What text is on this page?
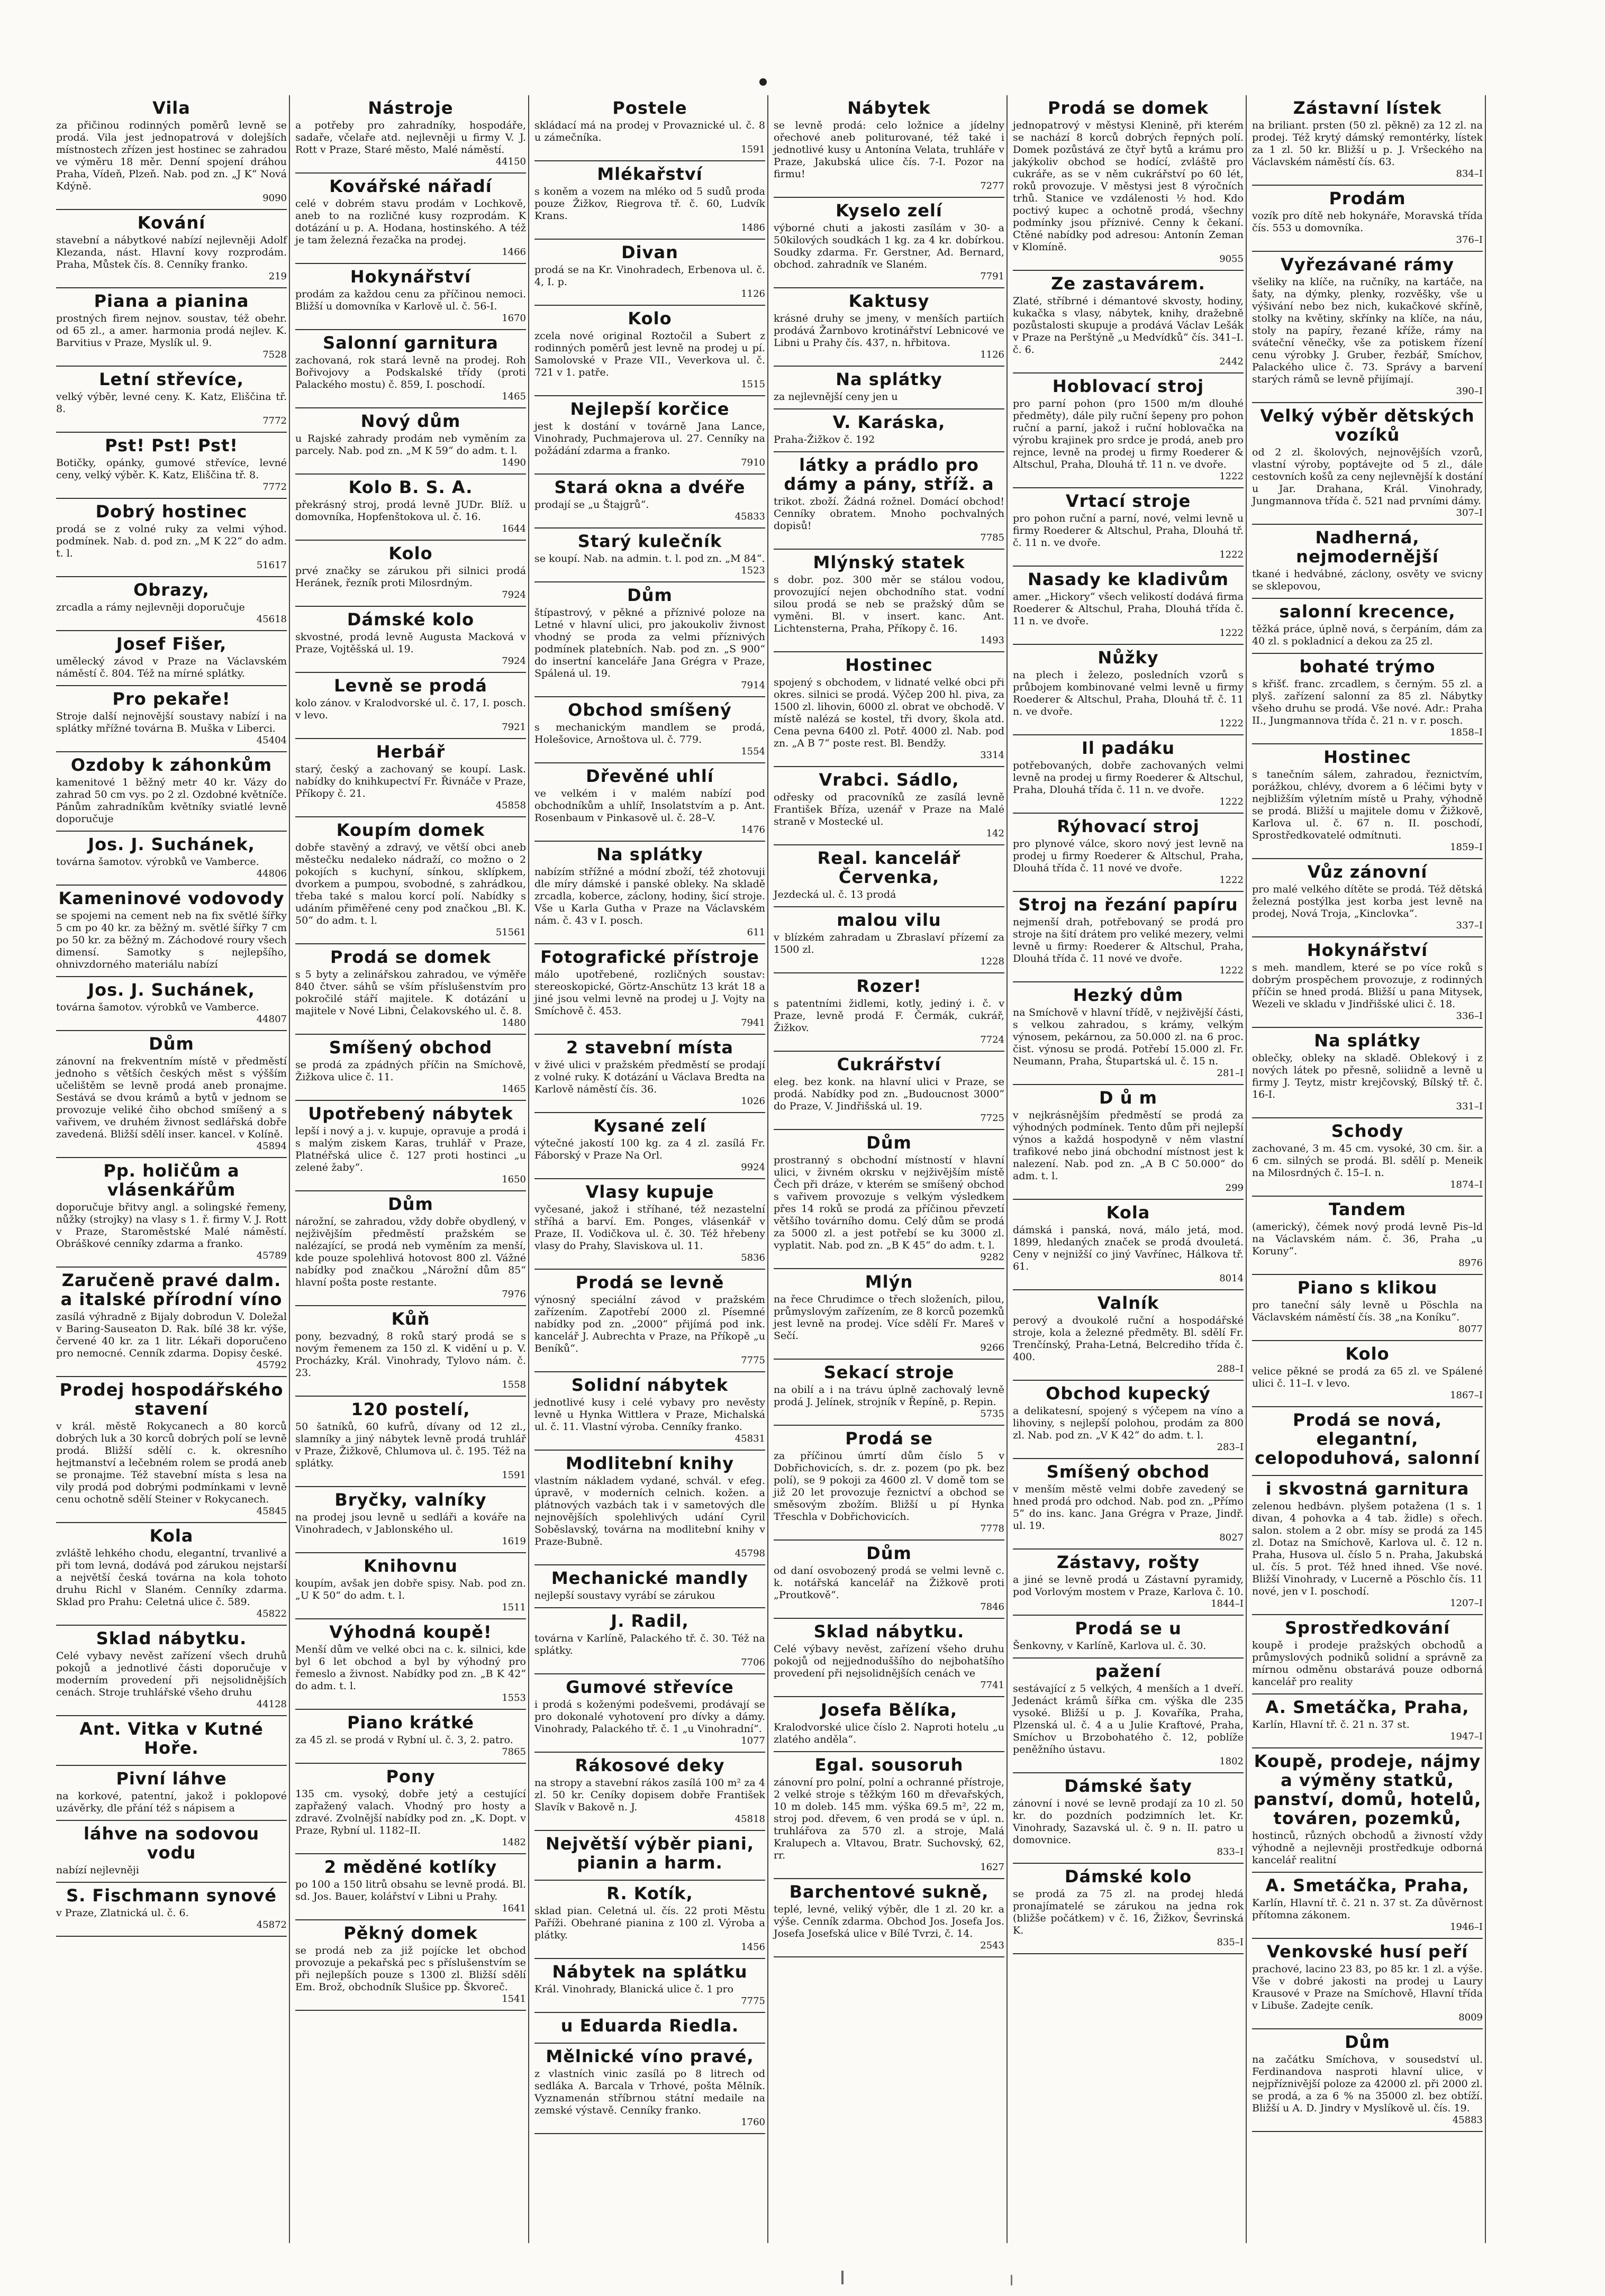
Vila

za přičinou rodinných poměrů levně se prodá. Vila jest jednopatrová v dolejších místnostech zřízen jest hostinec se zahradou ve výměru 18 měr. Denní spojení dráhou Praha, Vídeň, Plzeň. Nab. pod zn. „J K“ Nová Kdýně.

9090
Kování

stavební a nábytkové nabízí nejlevněji Adolf Klezanda, nást. Hlavní kovy rozprodám. Praha, Můstek čís. 8. Cenníky franko.

219
Piana a pianina

prostných firem nejnov. soustav, též obehr. od 65 zl., a amer. harmonia prodá nejlev. K. Barvitius v Praze, Myslík ul. 9.

7528
Letní střevíce,

velký výběr, levné ceny. K. Katz, Eliščina tř. 8.

7772
Pst! Pst! Pst!

Botičky, opánky, gumové střevíce, levné ceny, velký výběr. K. Katz, Eliščina tř. 8.

7772
Dobrý hostinec

prodá se z volné ruky za velmi výhod. podmínek. Nab. d. pod zn. „M K 22“ do adm. t. l.

51617
Obrazy,

zrcadla a rámy nejlevněji doporučuje

45618
Josef Fišer,

umělecký závod v Praze na Václavském náměstí č. 804. Též na mírné splátky.

Pro pekaře!

Stroje další nejnovější soustavy nabízí i na splátky mřížné továrna B. Muška v Liberci.

45404
Ozdoby k záhonkům

kamenitové 1 běžný metr 40 kr. Vázy do zahrad 50 cm vys. po 2 zl. Ozdobné květníče. Pánům zahradníkům květníky sviatlé levně doporučuje

Jos. J. Suchánek,

továrna šamotov. výrobků ve Vamberce.

44806
Kameninové vodovody

se spojemi na cement neb na fix světlé šířky 5 cm po 40 kr. za běžný m. světlé šířky 7 cm po 50 kr. za běžný m. Záchodové roury všech dimensí. Samotky s nejlepšího, ohnivzdorného materiálu nabízí

Jos. J. Suchánek,

továrna šamotov. výrobků ve Vamberce.

44807
Dům

zánovní na frekventním místě v předměstí jednoho s větších českých měst s výšším učelištěm se levně prodá aneb pronajme. Sestává se dvou krámů a bytů v jednom se provozuje veliké čiho obchod smíšený a s vařivem, ve druhém živnost sedlářská dobře zavedená. Bližší sdělí inser. kancel. v Kolíně.

45894
Pp. holičům a vlásenkářům

doporučuje břitvy angl. a solingské řemeny, nůžky (strojky) na vlasy s 1. ř. firmy V. J. Rott v Praze, Staroměstské Malé náměstí. Obráškové cenníky zdarma a franko.

45789
Zaručeně pravé dalm. a italské přírodní víno

zasílá výhradně z Bijaly dobrodun V. Doležal v Baring-Sauseaton D. Rak. bílé 38 kr. výše, červené 40 kr. za 1 litr. Lékaři doporučeno pro nemocné. Cenník zdarma. Dopisy české.

45792
Prodej hospodářského stavení

v král. městě Rokycanech a 80 korců dobrých luk a 30 korců dobrých polí se levně prodá. Bližší sdělí c. k. okresního hejtmanství a lečebném rolem se prodá aneb se pronajme. Též stavební místa s lesa na vily prodá pod dobrými podmínkami v levně cenu ochotně sdělí Steiner v Rokycanech.

45845
Kola

zvláště lehkého chodu, elegantní, trvanlivé a při tom levná, dodává pod zárukou nejstarší a největší česká továrna na kola tohoto druhu Richl v Slaném. Cenníky zdarma. Sklad pro Prahu: Celetná ulice č. 589.

45822
Sklad nábytku.

Celé vybavy nevěst zařízení všech druhů pokojů a jednotlivé části doporučuje v moderním provedení při nejsolidnějších cenách. Stroje truhlářské všeho druhu

44128
Ant. Vitka v Kutné Hoře.

Pivní láhve

na korkové, patentní, jakož i poklopové uzávěrky, dle přání též s nápisem a

láhve na sodovou vodu

nabízí nejlevněji

S. Fischmann synové

v Praze, Zlatnická ul. č. 6.

45872
Nástroje

a potřeby pro zahradníky, hospodáře, sadaře, včelaře atd. nejlevněji u firmy V. J. Rott v Praze, Staré město, Malé náměstí.

44150
Kovářské nářadí

celé v dobrém stavu prodám v Lochkově, aneb to na rozličné kusy rozprodám. K dotázání u p. A. Hodana, hostinského. A též je tam železná řezačka na prodej.

1466
Hokynářství

prodám za každou cenu za příčinou nemoci. Bližší u domovníka v Karlově ul. č. 56-I.

1670
Salonní garnitura

zachovaná, rok stará levně na prodej. Roh Bořivojovy a Podskalské třídy (proti Palackého mostu) č. 859, I. poschodí.

1465
Nový dům

u Rajské zahrady prodám neb vyměním za parcely. Nab. pod zn. „M K 59“ do adm. t. l.

1490
Kolo B. S. A.

překrásný stroj, prodá levně JUDr. Blíž. u domovníka, Hopfenštokova ul. č. 16.

1644
Kolo

prvé značky se zárukou při silnici prodá Heránek, řezník proti Milosrdným.

7924
Dámské kolo

skvostné, prodá levně Augusta Macková v Praze, Vojtěšská ul. 19.

7924
Levně se prodá

kolo zánov. v Kralodvorské ul. č. 17, I. posch. v levo.

7921
Herbář

starý, český a zachovaný se koupí. Lask. nabídky do knihkupectví Fr. Řivnáče v Praze, Příkopy č. 21.

45858
Koupím domek

dobře stavěný a zdravý, ve větší obci aneb městečku nedaleko nádraží, co možno o 2 pokojích s kuchyní, sínkou, sklípkem, dvorkem a pumpou, svobodné, s zahrádkou, třeba také s malou korcí polí. Nabídky s udáním přiměřené ceny pod značkou „Bl. K. 50“ do adm. t. l.

51561
Prodá se domek

s 5 byty a zelinářskou zahradou, ve výměře 840 čtver. sáhů se vším příslušenstvím pro pokročilé stáří majitele. K dotázání u majitele v Nové Libni, Čelakovského ul. č. 8.

1480
Smíšený obchod

se prodá za zpádných příčin na Smíchově, Žižkova ulice č. 11.

1465
Upotřebený nábytek

lepší i nový a j. v. kupuje, opravuje a prodá i s malým ziskem Karas, truhlář v Praze, Platnéřská ulice č. 127 proti hostinci „u zelené žaby“.

1650
Dům

nárožní, se zahradou, vždy dobře obydlený, v nejživějším předměstí pražském se nalézající, se prodá neb vyměním za menší, kde pouze spolehlivá hotovost 800 zl. Vážné nabídky pod značkou „Nárožní dům 85“ hlavní pošta poste restante.

7976
Kůň

pony, bezvadný, 8 roků starý prodá se s novým řemenem za 150 zl. K vidění u p. V. Procházky, Král. Vinohrady, Tylovo nám. č. 23.

1558
120 postelí,

50 šatníků, 60 kufrů, dívany od 12 zl., slamníky a jiný nábytek levně prodá truhlář v Praze, Žižkově, Chlumova ul. č. 195. Též na splátky.

1591
Bryčky, valníky

na prodej jsou levně u sedláři a kováře na Vinohradech, v Jablonského ul.

1619
Knihovnu

koupím, avšak jen dobře spisy. Nab. pod zn. „U K 50“ do adm. t. l.

1511
Výhodná koupě!

Menší dům ve velké obci na c. k. silnici, kde byl 6 let obchod a byl by výhodný pro řemeslo a živnost. Nabídky pod zn. „B K 42“ do adm. t. l.

1553
Piano krátké

za 45 zl. se prodá v Rybní ul. č. 3, 2. patro.

7865
Pony

135 cm. vysoký, dobře jetý a cestující zapřažený valach. Vhodný pro hosty a zdravé. Zvolnější nabídky pod zn. „K. Dopt. v Praze, Rybní ul. 1182–II.

1482
2 měděné kotlíky

po 100 a 150 litrů obsahu se levně prodá. Bl. sd. Jos. Bauer, kolářství v Libni u Prahy.

1641
Pěkný domek

se prodá neb za již pojícke let obchod provozuje a pekařská pec s příslušenstvím se při nejlepších pouze s 1300 zl. Bližší sdělí Em. Brož, obchodník Slušice pp. Škvoreč.

1541
Postele

skládací má na prodej v Provaznické ul. č. 8 u zámečníka.

1591
Mlékařství

s koněm a vozem na mléko od 5 sudů proda pouze Žižkov, Riegrova tř. č. 60, Ludvík Krans.

1486
Divan

prodá se na Kr. Vinohradech, Erbenova ul. č. 4, I. p.

1126
Kolo

zcela nové original Roztočil a Subert z rodinných poměrů jest levně na prodej u pí. Samolovské v Praze VII., Veverkova ul. č. 721 v 1. patře.

1515
Nejlepší korčice

jest k dostání v továrně Jana Lance, Vinohrady, Puchmajerova ul. 27. Cenníky na požádání zdarma a franko.

7910
Stará okna a dvéře

prodají se „u Štajgrů“.

45833
Starý kulečník

se koupí. Nab. na admin. t. l. pod zn. „M 84“.

1523
Dům

štípastrový, v pěkné a příznivé poloze na Letné v hlavní ulici, pro jakoukoliv živnost vhodný se proda za velmi příznivých podmínek platebních. Nab. pod zn. „S 900“ do insertní kanceláře Jana Grégra v Praze, Spálená ul. 19.

7914
Obchod smíšený

s mechanickým mandlem se prodá, Holešovice, Arnoštova ul. č. 779.

1554
Dřevěné uhlí

ve velkém i v malém nabízí pod obchodníkům a uhlíř, Insolatstvím a p. Ant. Rosenbaum v Pinkasově ul. č. 28–V.

1476
Na splátky

nabízím střížné a módní zboží, též zhotovuji dle míry dámské i panské obleky. Na skladě zrcadla, koberce, záclony, hodiny, šicí stroje. Vše u Karla Gutha v Praze na Václavském nám. č. 43 v I. posch.

611
Fotografické přístroje

málo upotřebené, rozličných soustav: stereoskopické, Görtz-Anschütz 13 krát 18 a jiné jsou velmi levně na prodej u J. Vojty na Smíchově č. 453.

7941
2 stavební místa

v živé ulici v pražském předměstí se prodají z volné ruky. K dotázání u Václava Bredta na Karlově náměstí čís. 36.

1026
Kysané zelí

výtečné jakostí 100 kg. za 4 zl. zasílá Fr. Fáborský v Praze Na Orl.

9924
Vlasy kupuje

vyčesané, jakož i stříhané, též nezastelní stříhá a barví. Em. Ponges, vlásenkář v Praze, II. Vodičkova ul. č. 30. Též hřebeny vlasy do Prahy, Slaviskova ul. 11.

5836
Prodá se levně

výnosný speciální závod v pražském zařízením. Zapotřebí 2000 zl. Písemné nabídky pod zn. „2000“ přijímá pod ink. kancelář J. Aubrechta v Praze, na Příkopě „u Beníků“.

7775
Solidní nábytek

jednotlivé kusy i celé vybavy pro nevěsty levně u Hynka Wittlera v Praze, Michalská ul. č. 11. Vlastní výroba. Cenníky franko.

45831
Modlitební knihy

vlastním nákladem vydané, schvál. v efeg. úpravě, v moderních celnich. kožen. a plátnových vazbách tak i v sametových dle nejnovějších spolehlivých udání Cyril Soběslavský, továrna na modlitební knihy v Praze-Bubně.

45798
Mechanické mandly

nejlepší soustavy vyrábí se zárukou

J. Radil,

továrna v Karlíně, Palackého tř. č. 30. Též na splátky.

7706
Gumové střevíce

i prodá s koženými podešvemi, prodávají se pro dokonalé vyhotovení pro dívky a dámy. Vinohrady, Palackého tř. č. 1 „u Vinohradní“.

1077
Rákosové deky

na stropy a stavební rákos zasílá 100 m² za 4 zl. 50 kr. Ceníky dopisem dobře František Slavík v Bakově n. J.

45818
Největší výběr piani, pianin a harm.

R. Kotík,

sklad pian. Celetná ul. čís. 22 proti Městu Paříži. Obehrané pianina z 100 zl. Výroba a plátky.

1456
Nábytek na splátku

Král. Vinohrady, Blanická ulice č. 1 pro

7775
u Eduarda Riedla.

Mělnické víno pravé,

z vlastních vinic zasílá po 8 litrech od sedláka A. Barcala v Trhové, pošta Mělník. Vyznamenán stříbrnou státní medaile na zemské výstavě. Cenníky franko.

1760
Nábytek

se levně prodá: celo ložnice a jídelny ořechové aneb politurované, též také i jednotlivé kusy u Antonína Velata, truhláře v Praze, Jakubská ulice čís. 7-I. Pozor na firmu!

7277
Kyselo zelí

výborné chuti a jakosti zasílám v 30- a 50kilových soudkách 1 kg. za 4 kr. dobírkou. Soudky zdarma. Fr. Gerstner, Ad. Bernard, obchod. zahradník ve Slaném.

7791
Kaktusy

krásné druhy se jmeny, v menších partiích prodává Žarnbovo krotinářství Lebnicové ve Libni u Prahy čís. 437, n. hřbitova.

1126
Na splátky

za nejlevnější ceny jen u

V. Karáska,

Praha-Žižkov č. 192

látky a prádlo pro dámy a pány, stříž. a

trikot. zboží. Žádná rožnel. Domácí obchod! Cenníky obratem. Mnoho pochvalných dopisů!

7785
Mlýnský statek

s dobr. poz. 300 měr se stálou vodou, provozující nejen obchodního stat. vodní silou prodá se neb se pražský dům se vyměni. Bl. v insert. kanc. Ant. Lichtensterna, Praha, Příkopy č. 16.

1493
Hostinec

spojený s obchodem, v lidnaté velké obci při okres. silnici se prodá. Výčep 200 hl. piva, za 1500 zl. lihovin, 6000 zl. obrat ve obchodě. V místě nalézá se kostel, tři dvory, škola atd. Cena pevna 6400 zl. Potř. 4000 zl. Nab. pod zn. „A B 7“ poste rest. Bl. Bendžy.

3314
Vrabci. Sádlo,

odřesky od pracovníků ze zasílá levně František Bříza, uzenář v Praze na Malé straně v Mostecké ul.

142
Real. kancelář Červenka,

Jezdecká ul. č. 13 prodá

malou vilu

v blízkém zahradam u Zbraslaví přízemí za 1500 zl.

1228
Rozer!

s patentními židlemi, kotly, jediný i. č. v Praze, levně prodá F. Čermák, cukrář, Žižkov.

7724
Cukrářství

eleg. bez konk. na hlavní ulici v Praze, se prodá. Nabídky pod zn. „Budoucnost 3000“ do Praze, V. Jindřišská ul. 19.

7725
Dům

prostranný s obchodní místností v hlavní ulici, v živném okrsku v nejživějším místě Čech při dráze, v kterém se smíšený obchod s vařivem provozuje s velkým výsledkem přes 14 roků se prodá za příčinou převzetí většího továrního domu. Celý dům se prodá za 5000 zl. a jest potřebí se ku 3000 zl. vyplatit. Nab. pod zn. „B K 45“ do adm. t. l.

9282
Mlýn

na řece Chrudimce o třech složeních, pilou, průmyslovým zařízením, ze 8 korců pozemků jest levně na prodej. Více sdělí Fr. Mareš v Sečí.

9266
Sekací stroje

na obilí a i na trávu úplně zachovalý levně prodá J. Jelínek, strojník v Řepíně, p. Repin.

5735
Prodá se

za příčinou úmrtí dům číslo 5 v Dobřichovicích, s. dr. z. pozem (po pk. bez polí), se 9 pokoji za 4600 zl. V domě tom se již 20 let provozuje řeznictví a obchod se směsovým zbožím. Bližší u pí Hynka Třeschla v Dobřichovicích.

7778
Dům

od daní osvobozený prodá se velmi levně c. k. notářská kancelář na Žižkově proti „Proutkově“.

7846
Sklad nábytku.

Celé výbavy nevěst, zařízení všeho druhu pokojů od nejjednoduššího do nejbohatšího provedení při nejsolidnějších cenách ve

7741
Josefa Bělíka,

Kralodvorské ulice číslo 2. Naproti hotelu „u zlatého anděla“.

Egal. sousoruh

zánovní pro polní, polní a ochranné přístroje, 2 velké stroje s těžkým 160 m dřevařských, 10 m doleb. 145 mm. výška 69.5 m², 22 m, stroj pod. dřevem, 6 ven prodá se v úpl. n. truhlářova za 570 zl. a stroje, Malá Kralupech a. Vltavou, Bratr. Suchovský, 62, rr.

1627
Barchentové sukně,

teplé, levné, veliký výběr, dle 1 zl. 20 kr. a výše. Cenník zdarma. Obchod Jos. Josefa Jos. Josefa Josefská ulice v Bílé Tvrzi, č. 14.

2543
Prodá se domek

jednopatrový v městysi Klenině, při kterém se nachází 8 korců dobrých řepných polí. Domek pozůstává ze čtyř bytů a krámu pro jakýkoliv obchod se hodící, zvláště pro cukráře, as se v něm cukrářství po 60 lét, roků provozuje. V městysi jest 8 výročních trhů. Stanice ve vzdálenosti ½ hod. Kdo poctivý kupec a ochotně prodá, všechny podmínky jsou příznivé. Cenny k čekaní. Ctěné nabídky pod adresou: Antonín Zeman v Klomíně.

9055
Ze zastavárem.

Zlaté, stříbrné i démantové skvosty, hodiny, kukačka s vlasy, nábytek, knihy, dražebně pozůstalosti skupuje a prodává Václav Lešák v Praze na Perštýně „u Medvídků“ čís. 341–I. č. 6.

2442
Hoblovací stroj

pro parní pohon (pro 1500 m/m dlouhé předměty), dále pily ruční šepeny pro pohon ruční a parní, jakož i ruční hoblovačka na výrobu krajinek pro srdce je prodá, aneb pro rejnce, levně na prodej u firmy Roederer & Altschul, Praha, Dlouhá tř. 11 n. ve dvoře.

1222
Vrtací stroje

pro pohon ruční a parní, nové, velmi levně u firmy Roederer & Altschul, Praha, Dlouhá tř. č. 11 n. ve dvoře.

1222
Nasady ke kladivům

amer. „Hickory“ všech velikostí dodává firma Roederer & Altschul, Praha, Dlouhá třída č. 11 n. ve dvoře.

1222
Nůžky

na plech i železo, posledních vzorů s průbojem kombinované velmi levně u firmy Roederer & Altschul, Praha, Dlouhá tř. č. 11 n. ve dvoře.

1222
Il padáku

potřebovaných, dobře zachovaných velmi levně na prodej u firmy Roederer & Altschul, Praha, Dlouhá třída č. 11 n. ve dvoře.

1222
Rýhovací stroj

pro plynové válce, skoro nový jest levně na prodej u firmy Roederer & Altschul, Praha, Dlouhá třída č. 11 nové ve dvoře.

1222
Stroj na řezání papíru

nejmenší drah, potřebovaný se prodá pro stroje na šití drátem pro veliké mezery, velmi levně u firmy: Roederer & Altschul, Praha, Dlouhá třída č. 11 nové ve dvoře.

1222
Hezký dům

na Smíchově v hlavní třídě, v nejživější části, s velkou zahradou, s krámy, velkým výnosem, pekárnou, za 50.000 zl. na 6 proc. čist. výnosu se prodá. Potřebí 15.000 zl. Fr. Neumann, Praha, Štupartská ul. č. 15 n.

281–I
D ů m

v nejkrásnějším předměstí se prodá za výhodných podmínek. Tento dům při nejlepší výnos a každá hospodyně v něm vlastní trafikové nebo jiná obchodní místnost jest k nalezení. Nab. pod zn. „A B C 50.000“ do adm. t. l.

299
Kola

dámská i panská, nová, málo jetá, mod. 1899, hledaných značek se prodá dvouletá. Ceny v nejnižší co jiný Vavřínec, Hálkova tř. 61.

8014
Valník

perový a dvoukolé ruční a hospodářské stroje, kola a železné předměty. Bl. sdělí Fr. Trenčínský, Praha-Letná, Belcrediho třída č. 400.

288–I
Obchod kupecký

a delikatesní, spojený s výčepem na víno a lihoviny, s nejlepší polohou, prodám za 800 zl. Nab. pod zn. „V K 42“ do adm. t. l.

283–I
Smíšený obchod

v menším městě velmi dobře zavedený se hned prodá pro odchod. Nab. pod zn. „Přímo 5“ do ins. kanc. Jana Grégra v Praze, Jindř. ul. 19.

8027
Zástavy, rošty

a jiné se levně prodá u Zástavní pyramidy, pod Vorlovým mostem v Praze, Karlova č. 10.

1844–I
Prodá se u

Šenkovny, v Karlíně, Karlova ul. č. 30.

pažení

sestávající z 5 velkých, 4 menších a 1 dveří. Jedenáct krámů šířka cm. výška dle 235 vysoké. Bližší u p. J. Kovaříka, Praha, Plzenská ul. č. 4 a u Julie Kraftové, Praha, Smíchov u Brzobohatého č. 12, poblíže peněžního ústavu.

1802
Dámské šaty

zánovní i nové se levně prodají za 10 zl. 50 kr. do pozdních podzimních let. Kr. Vinohrady, Sazavská ul. č. 9 n. II. patro u domovnice.

833–I
Dámské kolo

se prodá za 75 zl. na prodej hledá pronajímatelé se zárukou na jedna rok (bližše počátkem) v č. 16, Žižkov, Ševrinská K.

835–I
Zástavní lístek

na briliant. prsten (50 zl. pěkně) za 12 zl. na prodej. Též krytý dámský remontérky, lístek za 1 zl. 50 kr. Bližší u p. J. Vršeckého na Václavském náměstí čís. 63.

834–I
Prodám

vozík pro dítě neb hokynáře, Moravská třída čís. 553 u domovníka.

376–I
Vyřezávané rámy

všeliky na klíče, na ručníky, na kartáče, na šaty, na dýmky, plenky, rozvěšky, vše u výšivání nebo bez nich, kukačkové skříně, stolky na květiny, skřínky na klíče, na náu, stoly na papíry, řezané kříže, rámy na sváteční věnečky, vše za potiskem řízení cenu výrobky J. Gruber, řezbář, Smíchov, Palackého ulice č. 73. Správy a barvení starých rámů se levně přijímají.

390–I
Velký výběr dětských vozíků

od 2 zl. školových, nejnovějších vzorů, vlastní výroby, poptávejte od 5 zl., dále cestovních košů za ceny nejlevnější k dostání u Jar. Drahana, Král. Vinohrady, Jungmannova třída č. 521 nad prvními dámy.

307–I
Nadherná, nejmodernější

tkané i hedvábné, záclony, osvěty ve svicny se sklepovou,

salonní krecence,

těžká práce, úplně nová, s čerpáním, dám za 40 zl. s pokladnicí a dekou za 25 zl.

bohaté trýmo

s křišť. franc. zrcadlem, s černým. 55 zl. a plyš. zařízení salonní za 85 zl. Nábytky všeho druhu se prodá. Vše nové. Adr.: Praha II., Jungmannova třída č. 21 n. v r. posch.

1858–I
Hostinec

s tanečním sálem, zahradou, řeznictvím, porážkou, chlévy, dvorem a 6 léčimi byty v nejbližším výletním místě u Prahy, výhodně se prodá. Bližší u majitele domu v Žižkově, Karlova ul. č. 67 n. II. poschodí, Sprostředkovatelé odmítnuti.

1859–I
Vůz zánovní

pro malé velkého dítěte se prodá. Též dětská železná postýlka jest korba jest levně na prodej, Nová Troja, „Kinclovka“.

337–I
Hokynářství

s meh. mandlem, které se po více roků s dobrým prospěchem provozuje, z rodinných příčin se hned prodá. Bližší u pana Mitysek, Wezeli ve skladu v Jindřišské ulici č. 18.

336–I
Na splátky

oblečky, obleky na skladě. Oblekový i z nových látek po přesně, soliidně a levně u firmy J. Teytz, mistr krejčovský, Bílský tř. č. 16-I.

331–I
Schody

zachované, 3 m. 45 cm. vysoké, 30 cm. šir. a 6 cm. silných se prodá. Bl. sdělí p. Meneik na Milosrdných č. 15–I. n.

1874–I
Tandem

(americký), čémek nový prodá levně Pis–ld na Václavském nám. č. 36, Praha „u Koruny“.

8976
Piano s klikou

pro taneční sály levně u Pöschla na Václavském náměstí čís. 38 „na Koníku“.

8077
Kolo

velice pěkné se prodá za 65 zl. ve Spálené ulici č. 11–I. v levo.

1867–I
Prodá se nová, elegantní, celopoduhová, salonní

i skvostná garnitura

zelenou hedbávn. plyšem potažena (1 s. 1 divan, 4 pohovka a 4 tab. židle) s ořech. salon. stolem a 2 obr. mísy se prodá za 145 zl. Dotaz na Smíchově, Karlova ul. č. 12 n. Praha, Husova ul. číslo 5 n. Praha, Jakubská ul. čís. 5 prot. Též hned ihned. Vše nové. Bližší Vinohrady, v Lucerně a Pöschlo čís. 11 nové, jen v I. poschodí.

1207–I
Sprostředkování

koupě i prodeje pražských obchodů a průmyslových podniků solidní a správně za mírnou odměnu obstarává pouze odborná kancelář pro reality

A. Smetáčka, Praha,

Karlín, Hlavní tř. č. 21 n. 37 st.

1947–I
Koupě, prodeje, nájmy a výměny statků, panství, domů, hotelů, továren, pozemků,

hostinců, různých obchodů a živností vždy výhodně a nejlevněji prostředkuje odborná kancelář realitní

A. Smetáčka, Praha,

Karlín, Hlavní tř. č. 21 n. 37 st. Za důvěrnost přítomna zákonem.

1946–I
Venkovské husí peří

prachové, lacino 23 83, po 85 kr. 1 zl. a výše. Vše v dobré jakosti na prodej u Laury Krausové v Praze na Smíchově, Hlavní třída v Libuše. Zadejte ceník.

8009
Dům

na začátku Smíchova, v sousedství ul. Ferdinandova nasproti hlavní ulice, v nejpříznivější poloze za 42000 zl. při 2000 zl. se prodá, a za 6 % na 35000 zl. bez obtíží. Bližší u A. D. Jindry v Myslíkově ul. čís. 19.

45883
